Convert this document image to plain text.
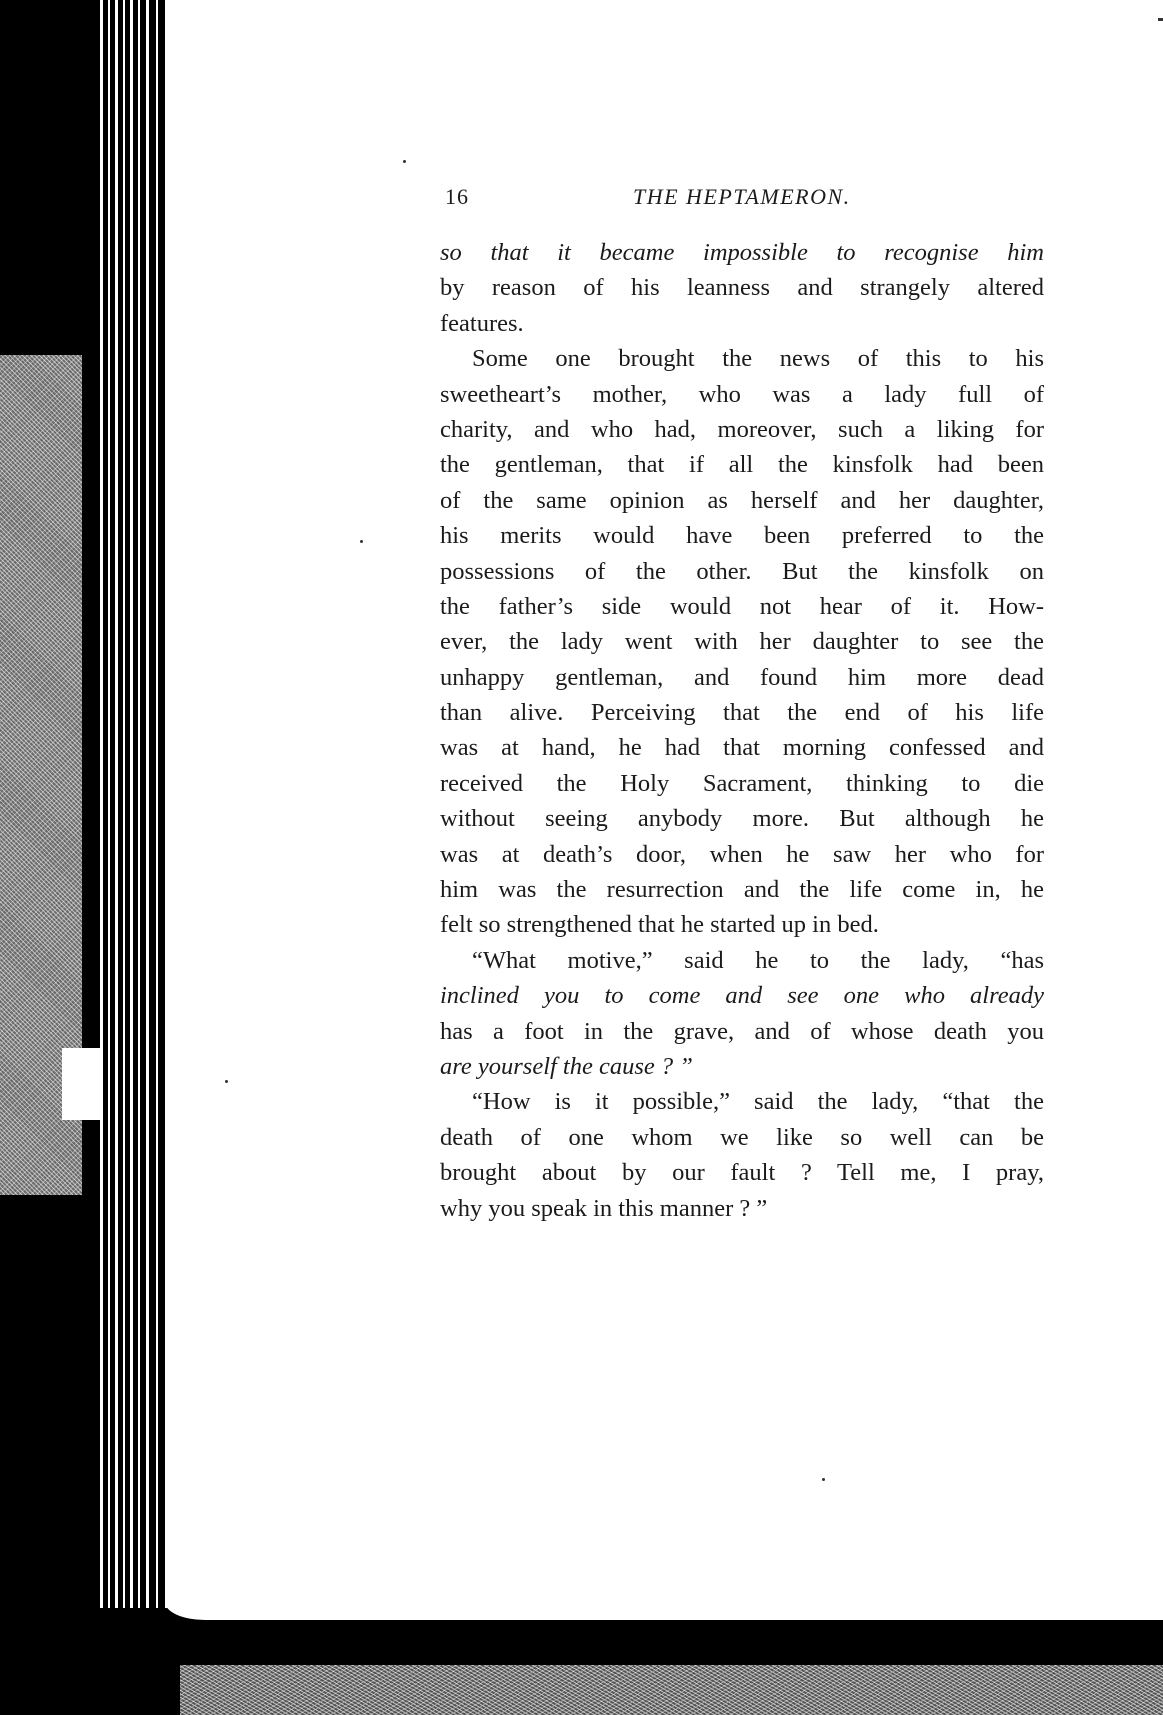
16	THE HEPTAMERON.
so that it became impossible to recognise him
by reason of his leanness and strangely altered
features.
Some one brought the news of this to his
sweetheart’s mother, who was a lady full of
charity, and who had, moreover, such a liking for
the gentleman, that if all the kinsfolk had been
of the same opinion as herself and her daughter,
his merits would have been preferred to the
possessions of the other. But the kinsfolk on
the father’s side would not hear of it. How-
ever, the lady went with her daughter to see the
unhappy gentleman, and found him more dead
than alive. Perceiving that the end of his life
was at hand, he had that morning confessed and
received the Holy Sacrament, thinking to die
without seeing anybody more. But although he
was at death’s door, when he saw her who for
him was the resurrection and the life come in, he
felt so strengthened that he started up in bed.
“What motive,” said he to the lady, “has
inclined you to come and see one who already
has a foot in the grave, and of whose death you
are yourself the cause ? ”
“How is it possible,” said the lady, “that the
death of one whom we like so well can be
brought about by our fault ? Tell me, I pray,
why you speak in this manner ? ”
